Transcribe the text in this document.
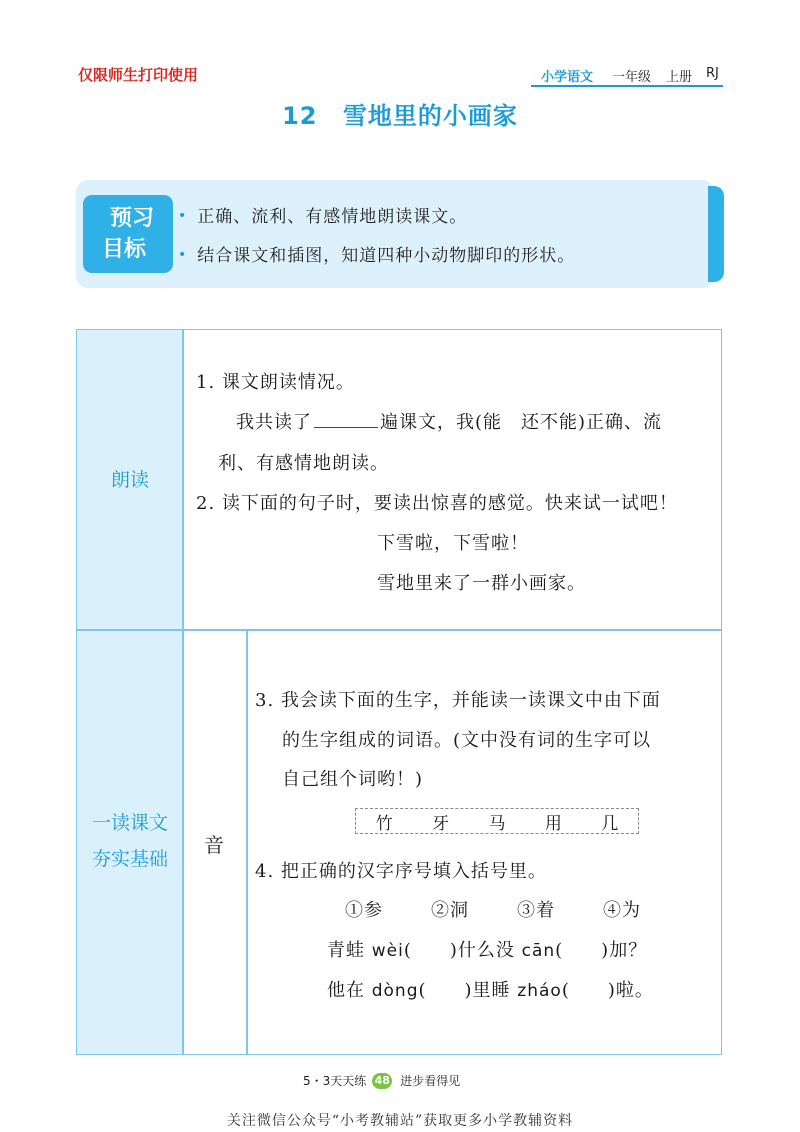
仅限师生打印使用	小学语文 一年级 上册 RJ
12 雪地里的小画家
预习
目标
• 正确、流利、有感情地朗读课文。
• 结合课文和插图，知道四种小动物脚印的形状。
朗读
1. 课文朗读情况。
我共读了	遍课文，我(能　还不能)正确、流
利、有感情地朗读。
2. 读下面的句子时，要读出惊喜的感觉。快来试一试吧！
下雪啦，下雪啦！
雪地里来了一群小画家。
一读课文
夯实基础
音
3. 我会读下面的生字，并能读一读课文中由下面
的生字组成的词语。(文中没有词的生字可以
自己组个词哟！)
竹 牙 马 用 几
4. 把正确的汉字序号填入括号里。
①参	②洞	③着	④为
青蛙 wèi(　　)什么没 cān(　　)加？
他在 dòng(　　)里睡 zháo(　　)啦。
5・3天天练 48 进步看得见
关注微信公众号“小考教辅站”获取更多小学教辅资料
